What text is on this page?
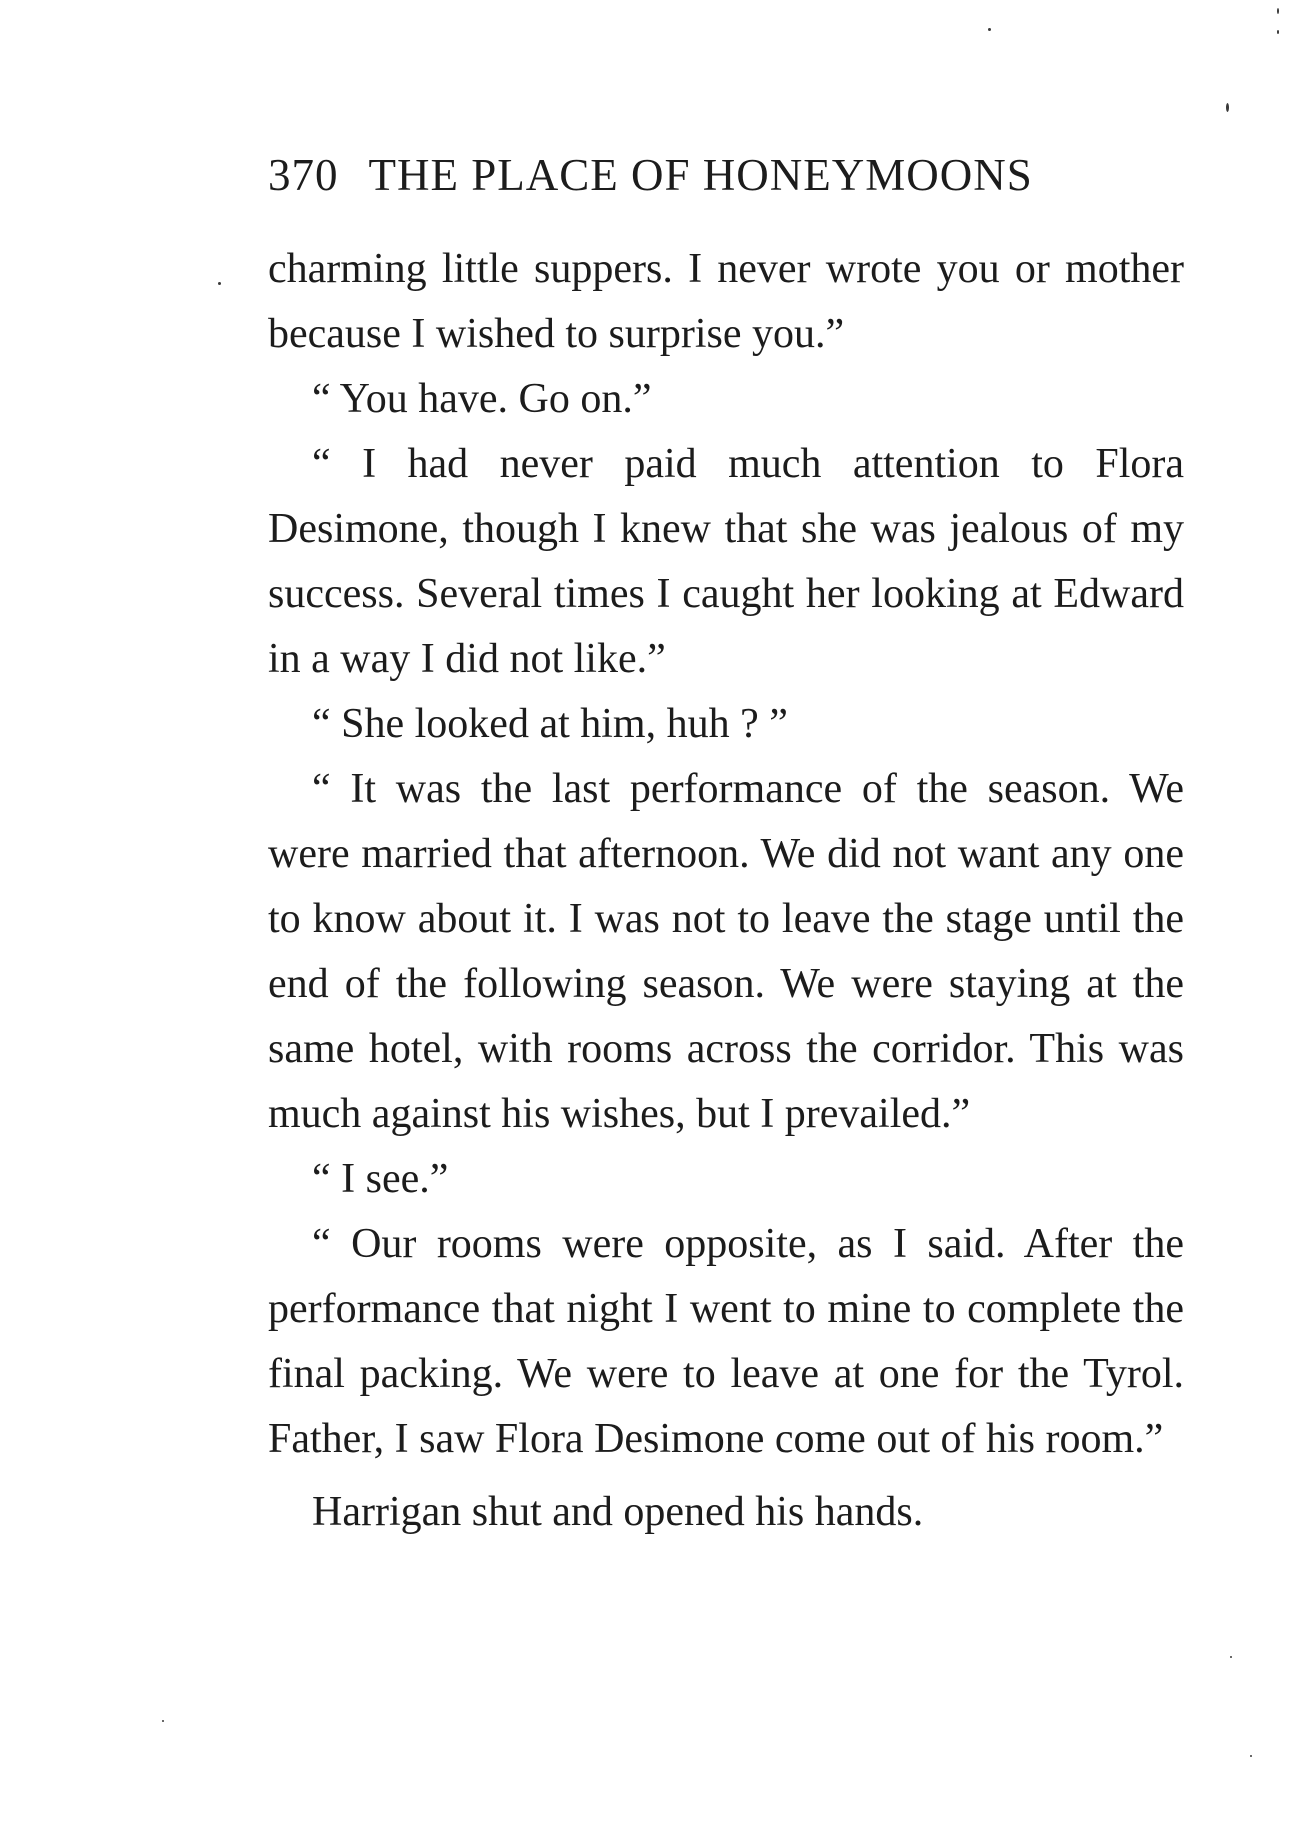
370 THE PLACE OF HONEYMOONS

charming little suppers. I never wrote you or mother because I wished to surprise you.”

“ You have. Go on.”

“ I had never paid much attention to Flora Desimone, though I knew that she was jealous of my success. Several times I caught her looking at Edward in a way I did not like.”

“ She looked at him, huh ? ”

“ It was the last performance of the season. We were married that afternoon. We did not want any one to know about it. I was not to leave the stage until the end of the following season. We were staying at the same hotel, with rooms across the corridor. This was much against his wishes, but I prevailed.”

“ I see.”

“ Our rooms were opposite, as I said. After the performance that night I went to mine to complete the final packing. We were to leave at one for the Tyrol. Father, I saw Flora Desimone come out of his room.”

Harrigan shut and opened his hands.
